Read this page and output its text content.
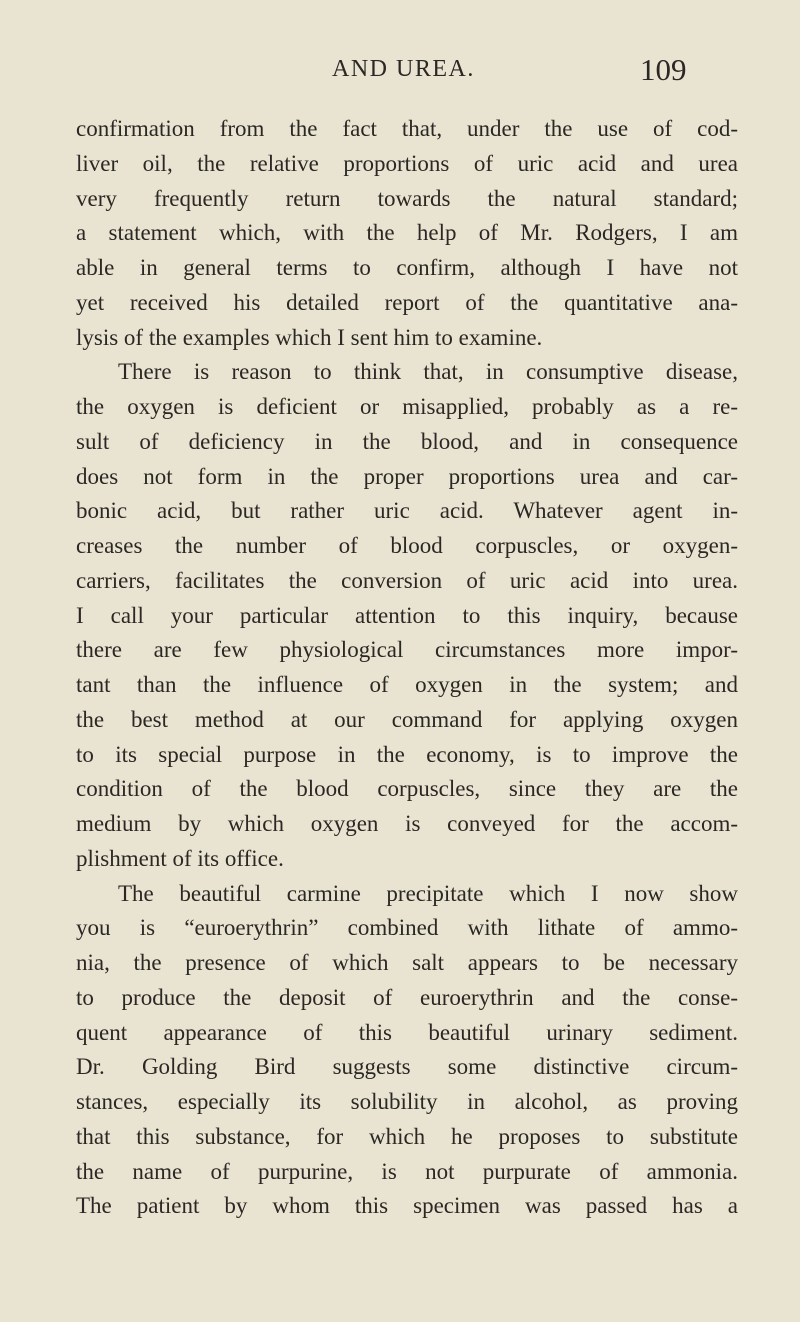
AND UREA.	109
confirmation from the fact that, under the use of cod-
liver oil, the relative proportions of uric acid and urea
very frequently return towards the natural standard;
a statement which, with the help of Mr. Rodgers, I am
able in general terms to confirm, although I have not
yet received his detailed report of the quantitative ana-
lysis of the examples which I sent him to examine.
There is reason to think that, in consumptive disease,
the oxygen is deficient or misapplied, probably as a re-
sult of deficiency in the blood, and in consequence
does not form in the proper proportions urea and car-
bonic acid, but rather uric acid. Whatever agent in-
creases the number of blood corpuscles, or oxygen-
carriers, facilitates the conversion of uric acid into urea.
I call your particular attention to this inquiry, because
there are few physiological circumstances more impor-
tant than the influence of oxygen in the system; and
the best method at our command for applying oxygen
to its special purpose in the economy, is to improve the
condition of the blood corpuscles, since they are the
medium by which oxygen is conveyed for the accom-
plishment of its office.
The beautiful carmine precipitate which I now show
you is “euroerythrin” combined with lithate of ammo-
nia, the presence of which salt appears to be necessary
to produce the deposit of euroerythrin and the conse-
quent appearance of this beautiful urinary sediment.
Dr. Golding Bird suggests some distinctive circum-
stances, especially its solubility in alcohol, as proving
that this substance, for which he proposes to substitute
the name of purpurine, is not purpurate of ammonia.
The patient by whom this specimen was passed has a
